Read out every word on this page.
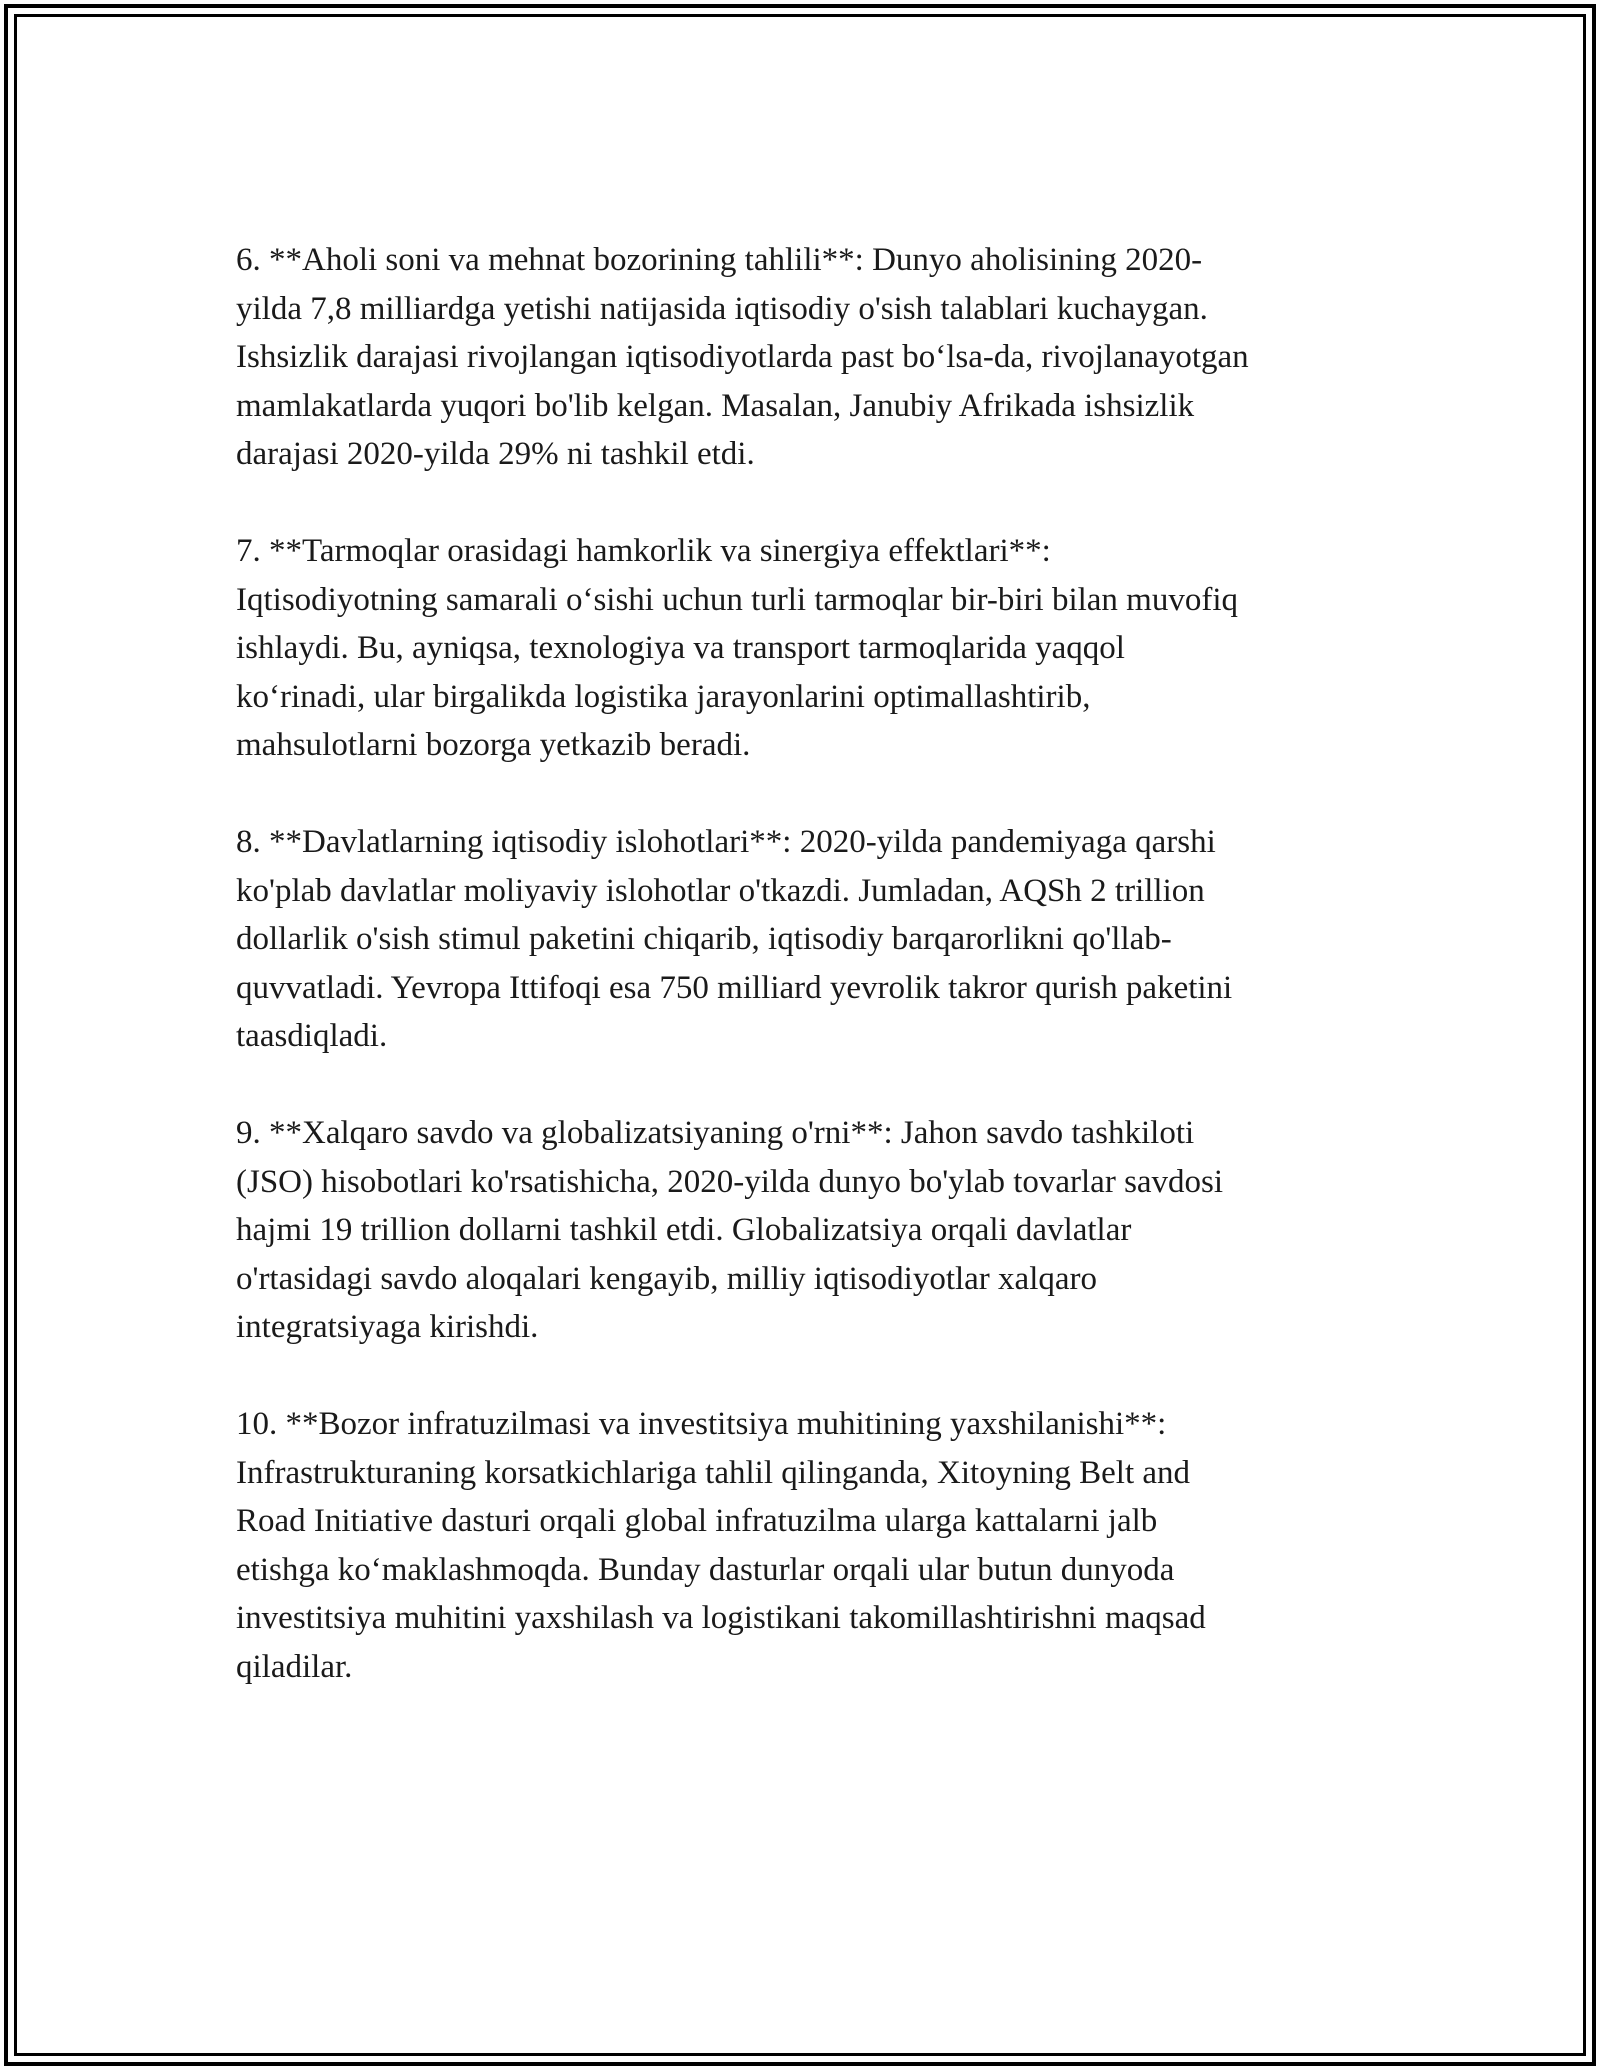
6. **Aholi soni va mehnat bozorining tahlili**: Dunyo aholisining 2020-
yilda 7,8 milliardga yetishi natijasida iqtisodiy o'sish talablari kuchaygan.
Ishsizlik darajasi rivojlangan iqtisodiyotlarda past bo‘lsa-da, rivojlanayotgan
mamlakatlarda yuqori bo'lib kelgan. Masalan, Janubiy Afrikada ishsizlik
darajasi 2020-yilda 29% ni tashkil etdi.

7. **Tarmoqlar orasidagi hamkorlik va sinergiya effektlari**:
Iqtisodiyotning samarali o‘sishi uchun turli tarmoqlar bir-biri bilan muvofiq
ishlaydi. Bu, ayniqsa, texnologiya va transport tarmoqlarida yaqqol
ko‘rinadi, ular birgalikda logistika jarayonlarini optimallashtirib,
mahsulotlarni bozorga yetkazib beradi.

8. **Davlatlarning iqtisodiy islohotlari**: 2020-yilda pandemiyaga qarshi
ko'plab davlatlar moliyaviy islohotlar o'tkazdi. Jumladan, AQSh 2 trillion
dollarlik o'sish stimul paketini chiqarib, iqtisodiy barqarorlikni qo'llab-
quvvatladi. Yevropa Ittifoqi esa 750 milliard yevrolik takror qurish paketini
taasdiqladi.

9. **Xalqaro savdo va globalizatsiyaning o'rni**: Jahon savdo tashkiloti
(JSO) hisobotlari ko'rsatishicha, 2020-yilda dunyo bo'ylab tovarlar savdosi
hajmi 19 trillion dollarni tashkil etdi. Globalizatsiya orqali davlatlar
o'rtasidagi savdo aloqalari kengayib, milliy iqtisodiyotlar xalqaro
integratsiyaga kirishdi.

10. **Bozor infratuzilmasi va investitsiya muhitining yaxshilanishi**:
Infrastrukturaning korsatkichlariga tahlil qilinganda, Xitoyning Belt and
Road Initiative dasturi orqali global infratuzilma ularga kattalarni jalb
etishga ko‘maklashmoqda. Bunday dasturlar orqali ular butun dunyoda
investitsiya muhitini yaxshilash va logistikani takomillashtirishni maqsad
qiladilar.
